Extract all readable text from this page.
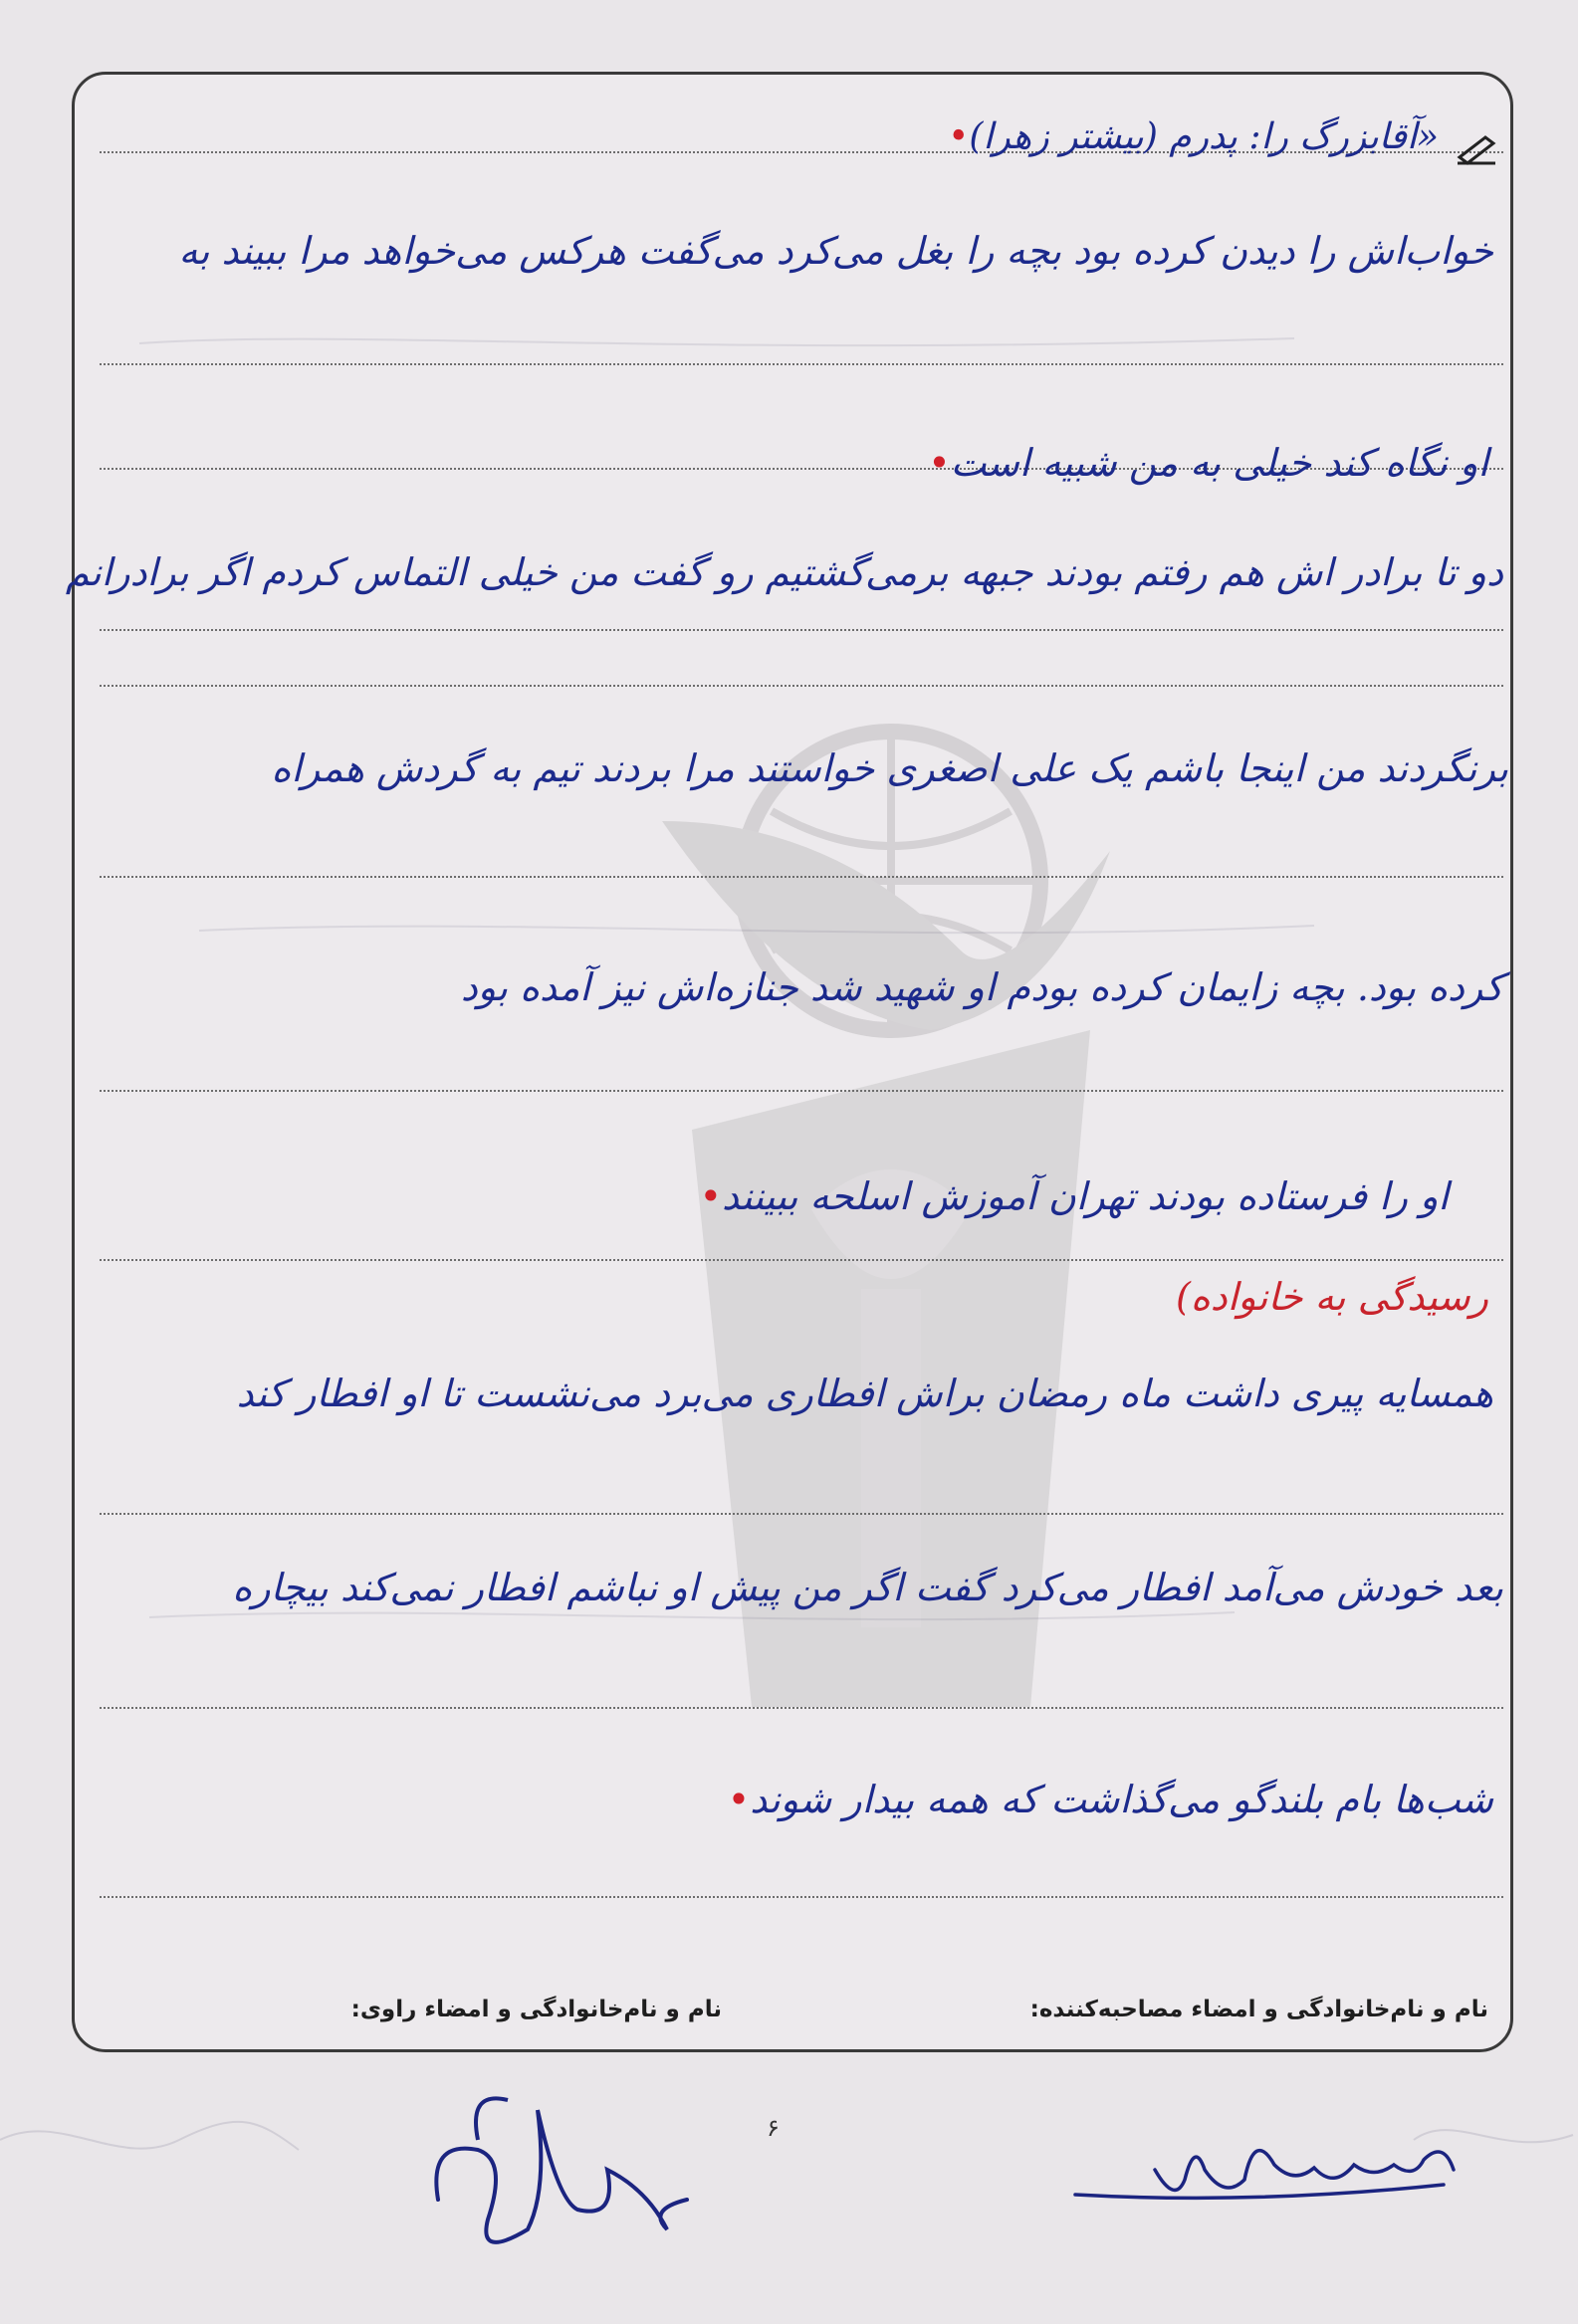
«آقابزرگ را: پدرم (بیشتر زهرا)•
خواب‌اش را دیدن کرده بود بچه را بغل می‌کرد می‌گفت هرکس می‌خواهد مرا ببیند به
او نگاه کند خیلی به من شبیه است•
دو تا برادر اش هم رفتم بودند جبهه برمی‌گشتیم رو گفت من خیلی التماس کردم اگر برادرانم
برنگردند من اینجا باشم یک علی اصغری خواستند مرا بردند تیم به گردش همراه
کرده بود. بچه زایمان کرده بودم او شهید شد جنازه‌اش نیز آمده بود
او را فرستاده بودند تهران آموزش اسلحه ببینند•
رسیدگی به خانواده)
همسایه پیری داشت ماه رمضان براش افطاری می‌برد می‌نشست تا او افطار کند
بعد خودش می‌آمد افطار می‌کرد گفت اگر من پیش او نباشم افطار نمی‌کند بیچاره
شب‌ها بام بلندگو می‌گذاشت که همه بیدار شوند•
نام و نام‌خانوادگی و امضاء مصاحبه‌کننده:
نام و نام‌خانوادگی و امضاء راوی:
۶
